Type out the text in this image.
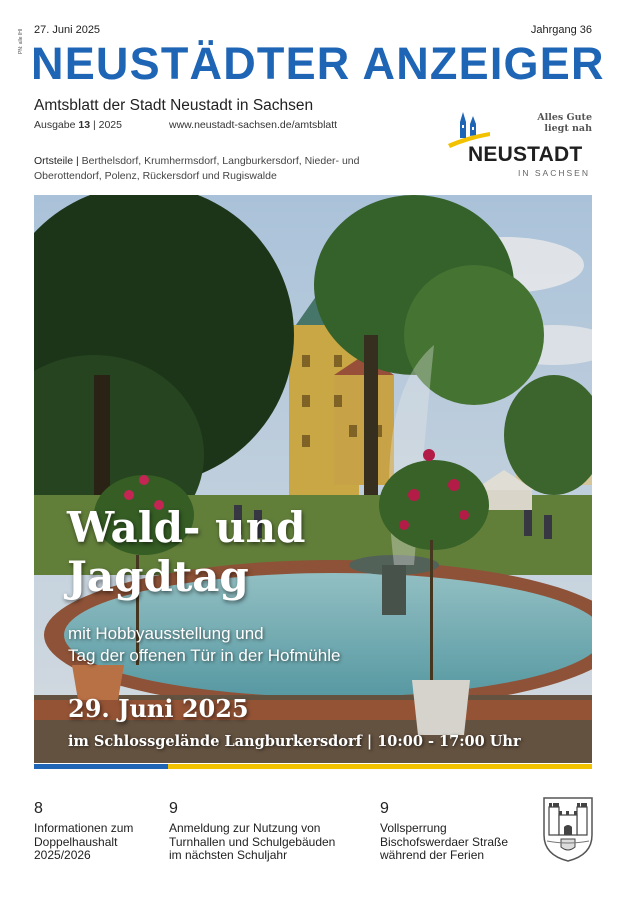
PN: alle IHI 27. Juni 2025	Jahrgang 36
NEUSTÄDTER ANZEIGER
Amtsblatt der Stadt Neustadt in Sachsen
Ausgabe 13 | 2025	www.neustadt-sachsen.de/amtsblatt
Ortsteile | Berthelsdorf, Krumhermsdorf, Langburkersdorf, Nieder- und Oberottendorf, Polenz, Rückersdorf und Rugiswalde
Alles Gute
liegt nah
NEUSTADT
IN SACHSEN
Wald- und
Jagdtag
mit Hobbyausstellung und
Tag der offenen Tür in der Hofmühle
29. Juni 2025
im Schlossgelände Langburkersdorf | 10:00 - 17:00 Uhr
8
Informationen zum
Doppelhaushalt
2025/2026
9
Anmeldung zur Nutzung von
Turnhallen und Schulgebäuden
im nächsten Schuljahr
9
Vollsperrung
Bischofswerdaer Straße
während der Ferien
